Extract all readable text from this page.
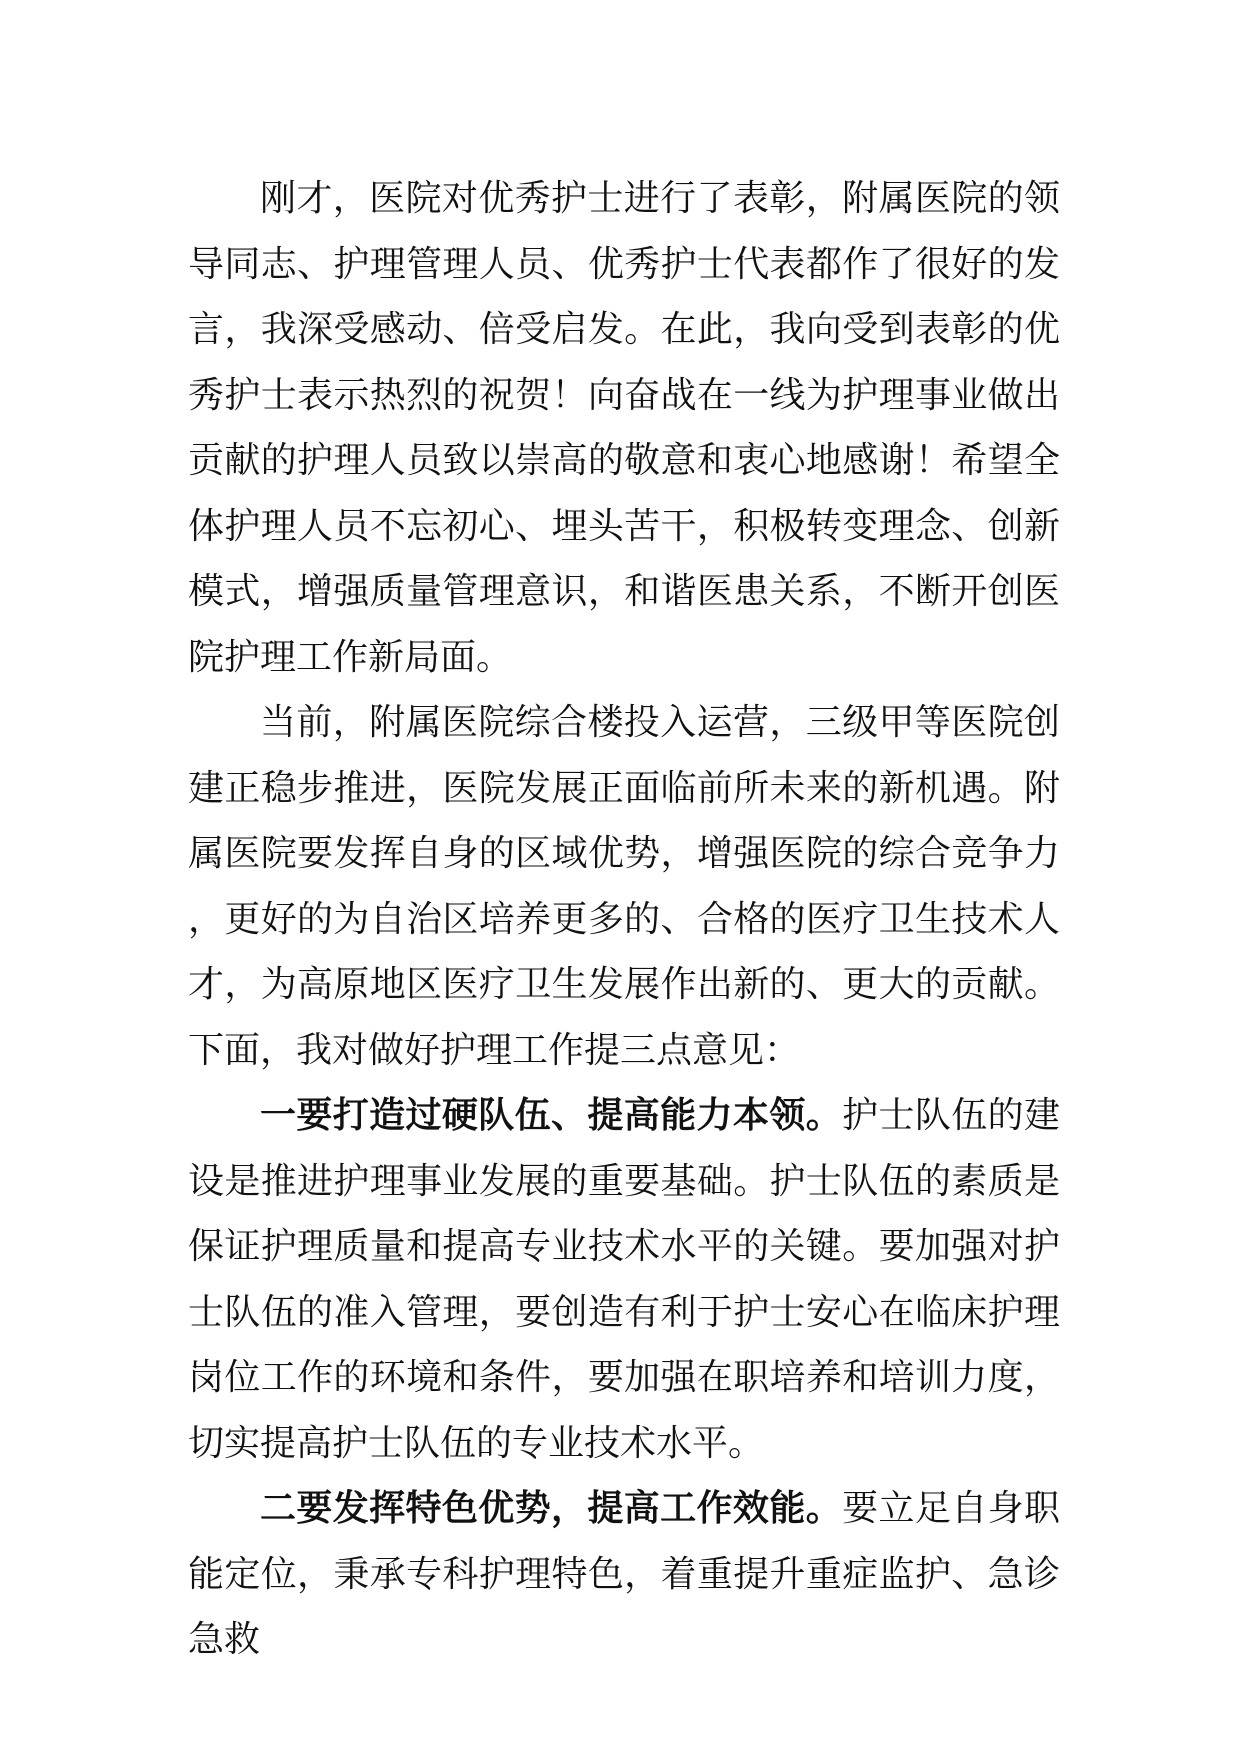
刚才，医院对优秀护士进行了表彰，附属医院的领导同志、护理管理人员、优秀护士代表都作了很好的发言，我深受感动、倍受启发。在此，我向受到表彰的优秀护士表示热烈的祝贺！向奋战在一线为护理事业做出贡献的护理人员致以崇高的敬意和衷心地感谢！希望全体护理人员不忘初心、埋头苦干，积极转变理念、创新模式，增强质量管理意识，和谐医患关系，不断开创医院护理工作新局面。

当前，附属医院综合楼投入运营，三级甲等医院创建正稳步推进，医院发展正面临前所未来的新机遇。附属医院要发挥自身的区域优势，增强医院的综合竞争力，更好的为自治区培养更多的、合格的医疗卫生技术人才，为高原地区医疗卫生发展作出新的、更大的贡献。下面，我对做好护理工作提三点意见：

一要打造过硬队伍、提高能力本领。护士队伍的建设是推进护理事业发展的重要基础。护士队伍的素质是保证护理质量和提高专业技术水平的关键。要加强对护士队伍的准入管理，要创造有利于护士安心在临床护理岗位工作的环境和条件，要加强在职培养和培训力度，切实提高护士队伍的专业技术水平。

二要发挥特色优势，提高工作效能。要立足自身职能定位，秉承专科护理特色，着重提升重症监护、急诊急救
